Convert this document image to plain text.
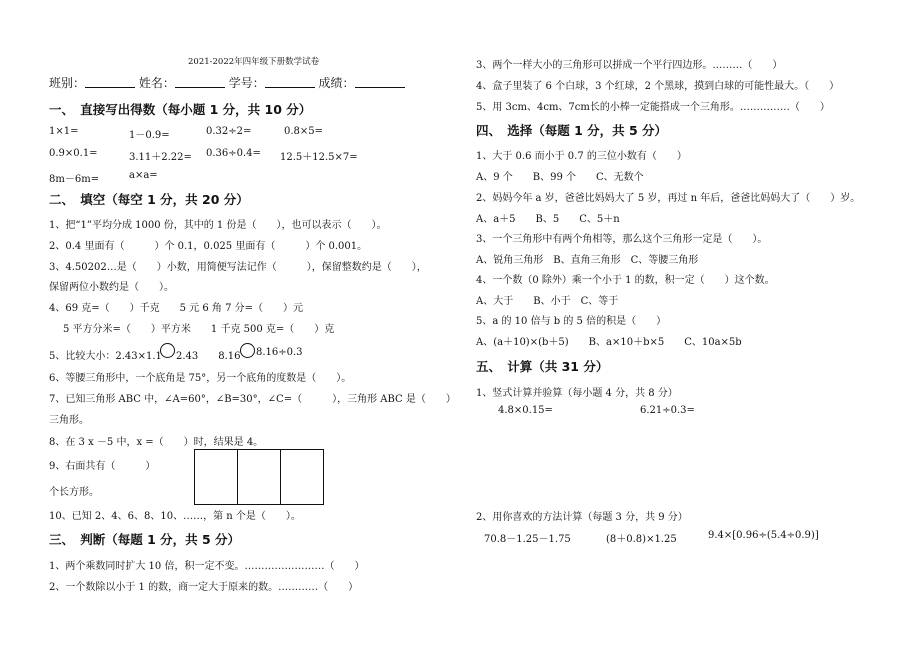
2021-2022年四年级下册数学试卷
班别：	姓名：	学号：	成绩：
一、　直接写出得数（每小题 1 分，共 10 分）
1×1=	1－0.9=	0.32÷2=	0.8×5=
0.9×0.1=	3.11＋2.22= 0.36÷0.4= 12.5＋12.5×7=
8m－6m=	a×a=
二、　填空（每空 1 分，共 20 分）
1、把“1”平均分成 1000 份，其中的 1 份是（　　），也可以表示（　　）。
2、0.4 里面有（　　　）个 0.1，0.025 里面有（　　　）个 0.001。
3、4.50202…是（　　）小数，用简便写法记作（　　　），保留整数约是（　　），
保留两位小数约是（　　）。
4、69 克=（　　）千克　　5 元 6 角 7 分=（　　）元
5 平方分米=（　　）平方米　　1 千克 500 克=（　　）克
5、比较大小：2.43×1.1 2.43　　8.16 8.16÷0.3
6、等腰三角形中，一个底角是 75°，另一个底角的度数是（　　）。
7、已知三角形 ABC 中，∠A=60°，∠B=30°，∠C=（　　　），三角形 ABC 是（　　）
三角形。
8、在 3 x －5 中，x =（　　）时，结果是 4。
9、右面共有（　　　）
个长方形。
10、已知 2、4、6、8、10、……，第 n 个是（　　）。
三、　判断（每题 1 分，共 5 分）
1、两个乘数同时扩大 10 倍，积一定不变。……………………（　　）
2、一个数除以小于 1 的数，商一定大于原来的数。…………（　　）
3、两个一样大小的三角形可以拼成一个平行四边形。………（　　）
4、盒子里装了 6 个白球，3 个红球，2 个黑球，摸到白球的可能性最大。（　　）
5、用 3cm、4cm、7cm长的小棒一定能搭成一个三角形。……………（　　）
四、　选择（每题 1 分，共 5 分）
1、大于 0.6 而小于 0.7 的三位小数有（　　）
A、9 个　　B、99 个　　C、无数个
2、妈妈今年 a 岁，爸爸比妈妈大了 5 岁，再过 n 年后，爸爸比妈妈大了（　　）岁。
A、a＋5　　B、5　　C、5＋n
3、一个三角形中有两个角相等，那么这个三角形一定是（　　）。
A、锐角三角形　B、直角三角形　C、等腰三角形
4、一个数（0 除外）乘一个小于 1 的数，积一定（　　）这个数。
A、大于　　B、小于　C、等于
5、a 的 10 倍与 b 的 5 倍的积是（　　）
A、(a＋10)×(b＋5)　　B、a×10＋b×5　　C、10a×5b
五、　计算（共 31 分）
1、竖式计算并验算（每小题 4 分，共 8 分）
4.8×0.15=	6.21÷0.3=
2、用你喜欢的方法计算（每题 3 分，共 9 分）
70.8－1.25－1.75	(8＋0.8)×1.25	9.4×[0.96÷(5.4÷0.9)]
